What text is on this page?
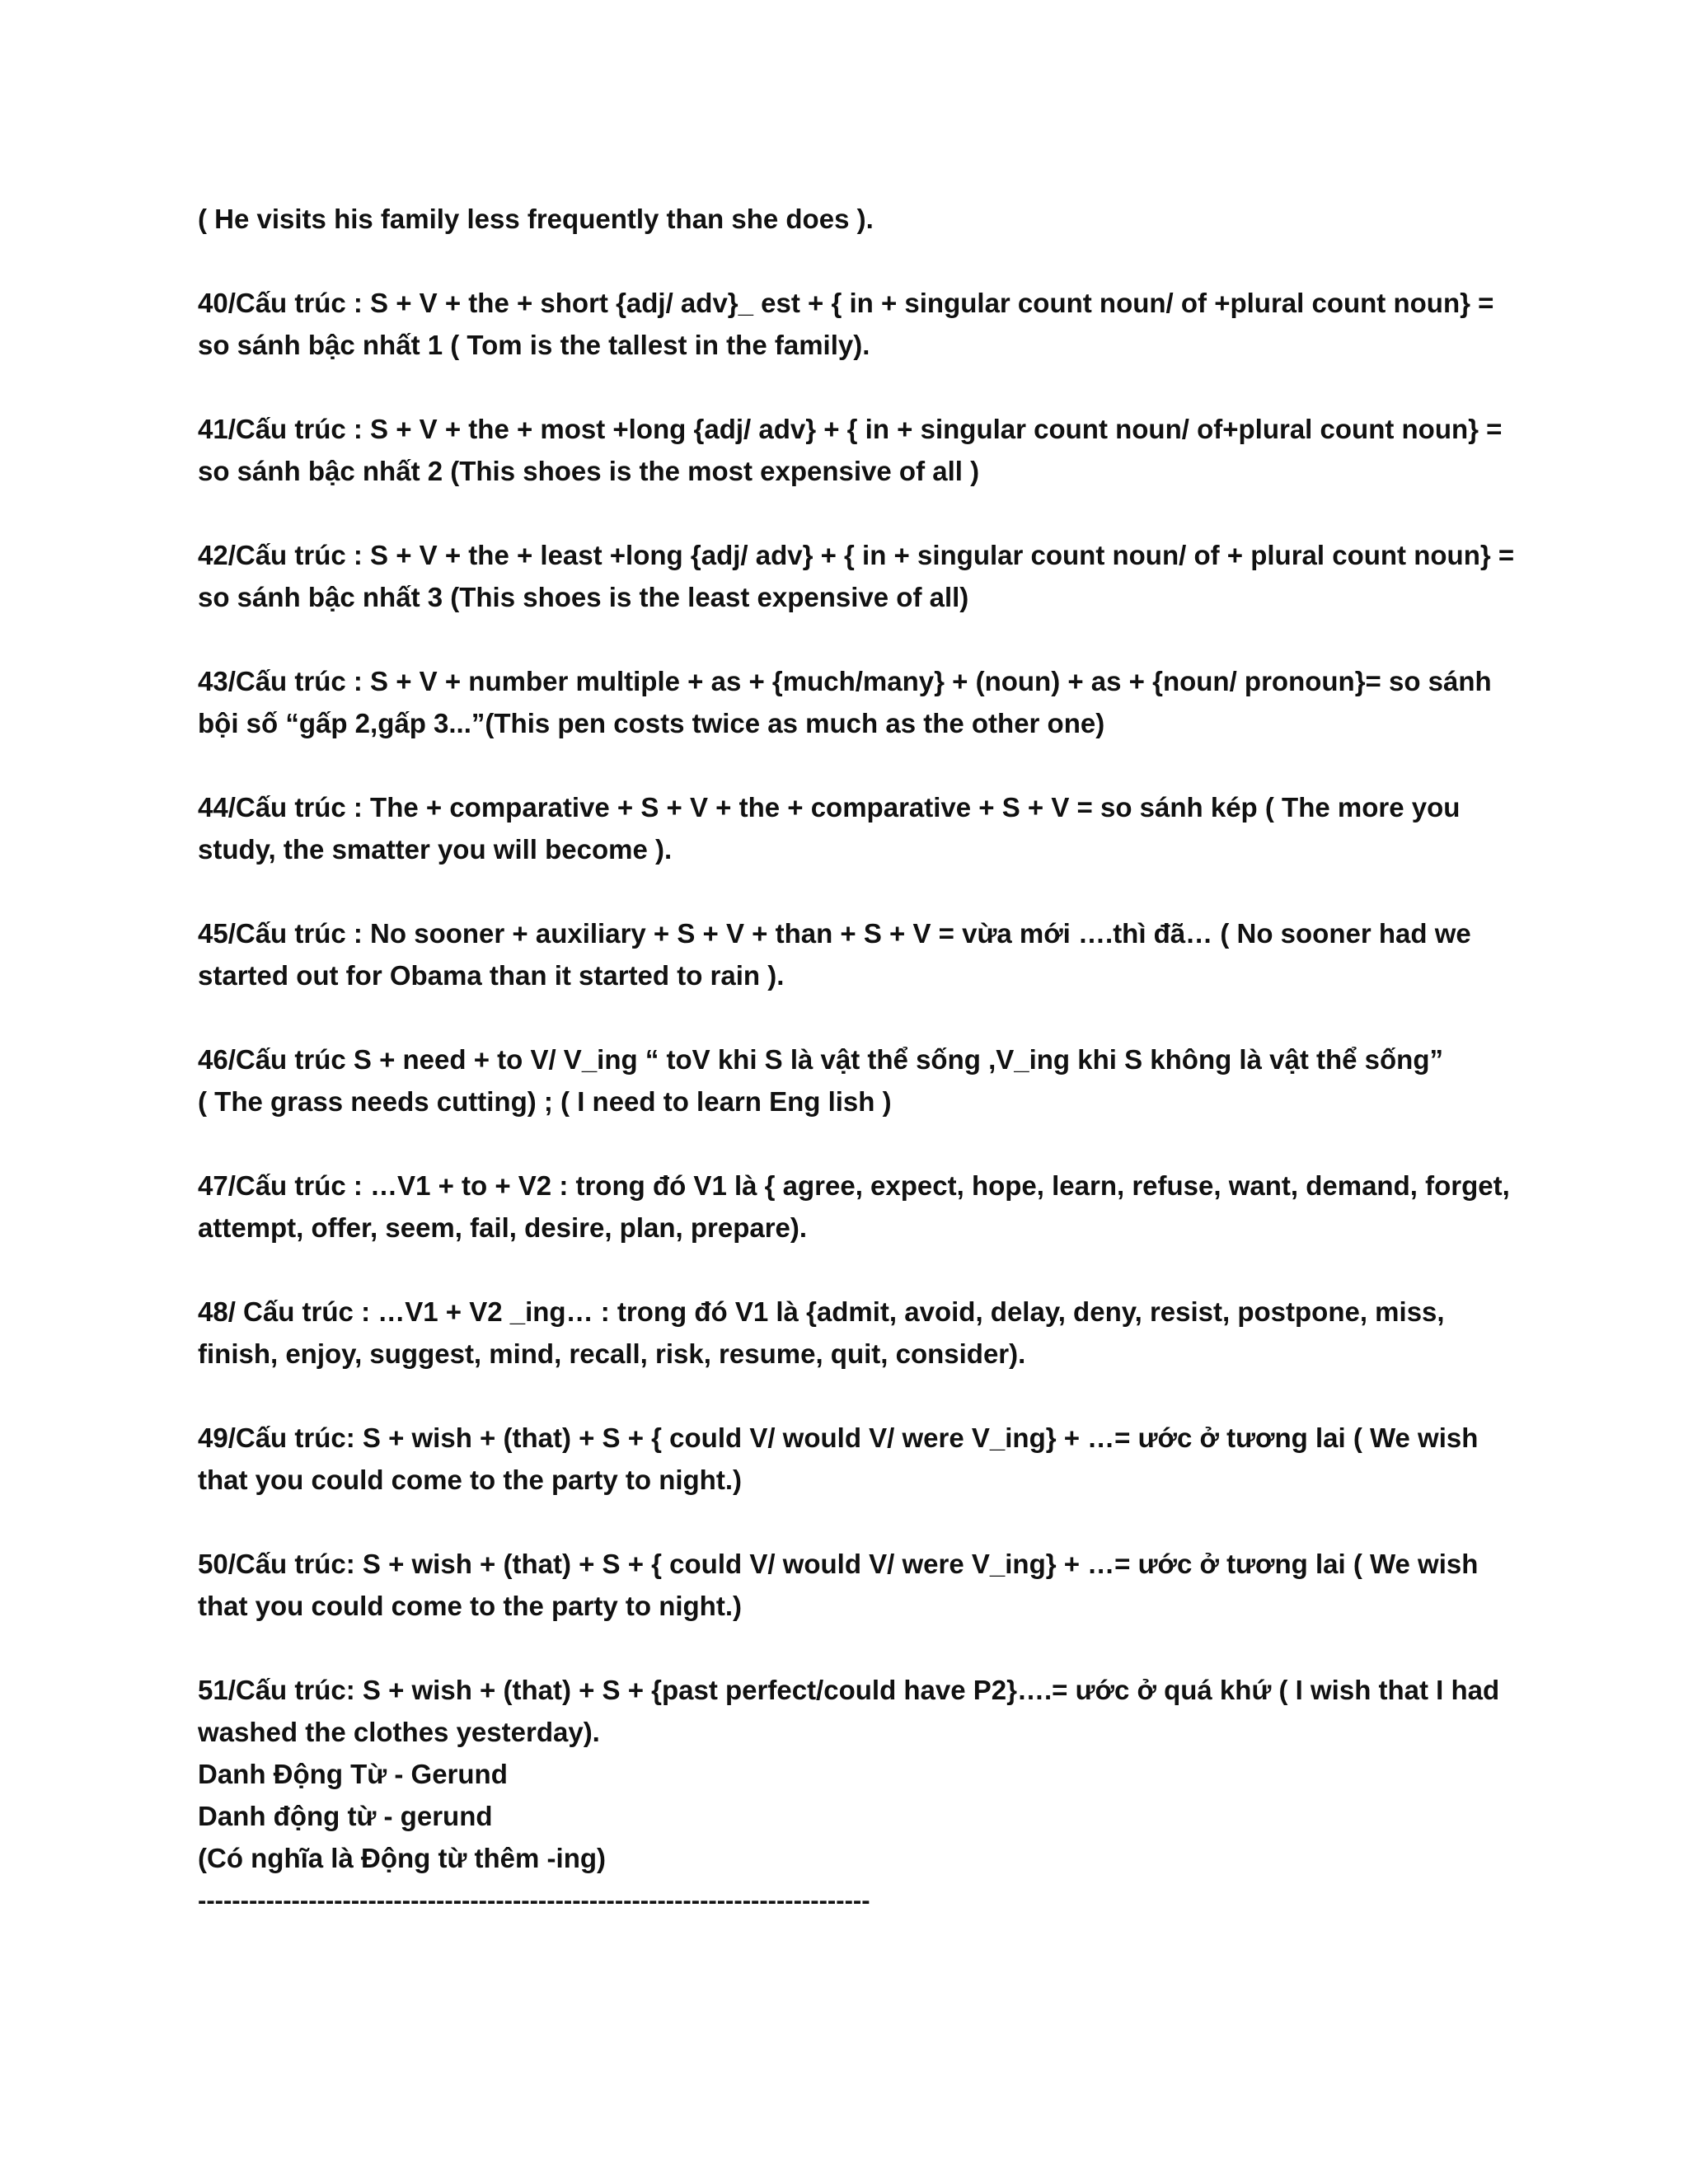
( He visits his family less frequently than she does ).

40/Cấu trúc : S + V + the + short {adj/ adv}_ est + { in + singular count noun/ of +plural count noun} =
so sánh bậc nhất 1 ( Tom is the tallest in the family).

41/Cấu trúc : S + V + the + most +long {adj/ adv} + { in + singular count noun/ of+plural count noun} =
so sánh bậc nhất 2 (This shoes is the most expensive of all )

42/Cấu trúc : S + V + the + least +long {adj/ adv} + { in + singular count noun/ of + plural count noun} =
so sánh bậc nhất 3 (This shoes is the least expensive of all)

43/Cấu trúc : S + V + number multiple + as + {much/many} + (noun) + as + {noun/ pronoun}= so sánh
bội số “gấp 2,gấp 3...”(This pen costs twice as much as the other one)

44/Cấu trúc : The + comparative + S + V + the + comparative + S + V = so sánh kép ( The more you
study, the smatter you will become ).

45/Cấu trúc : No sooner + auxiliary + S + V + than + S + V = vừa mới ….thì đã… ( No sooner had we
started out for Obama than it started to rain ).

46/Cấu trúc S + need + to V/ V_ing “ toV khi S là vật thể sống ,V_ing khi S không là vật thể sống”
( The grass needs cutting) ; ( I need to learn Eng lish )

47/Cấu trúc : …V1 + to + V2 : trong đó V1 là { agree, expect, hope, learn, refuse, want, demand, forget,
attempt, offer, seem, fail, desire, plan, prepare).

48/ Cấu trúc : …V1 + V2 _ing… : trong đó V1 là {admit, avoid, delay, deny, resist, postpone, miss,
finish, enjoy, suggest, mind, recall, risk, resume, quit, consider).

49/Cấu trúc: S + wish + (that) + S + { could V/ would V/ were V_ing} + …= ước ở tương lai ( We wish
that you could come to the party to night.)

50/Cấu trúc: S + wish + (that) + S + { could V/ would V/ were V_ing} + …= ước ở tương lai ( We wish
that you could come to the party to night.)

51/Cấu trúc: S + wish + (that) + S + {past perfect/could have P2}….= ước ở quá khứ ( I wish that I had
washed the clothes yesterday).
Danh Động Từ - Gerund
Danh động từ - gerund
(Có nghĩa là Động từ thêm -ing)

-------------------------------------------------------------------------------
